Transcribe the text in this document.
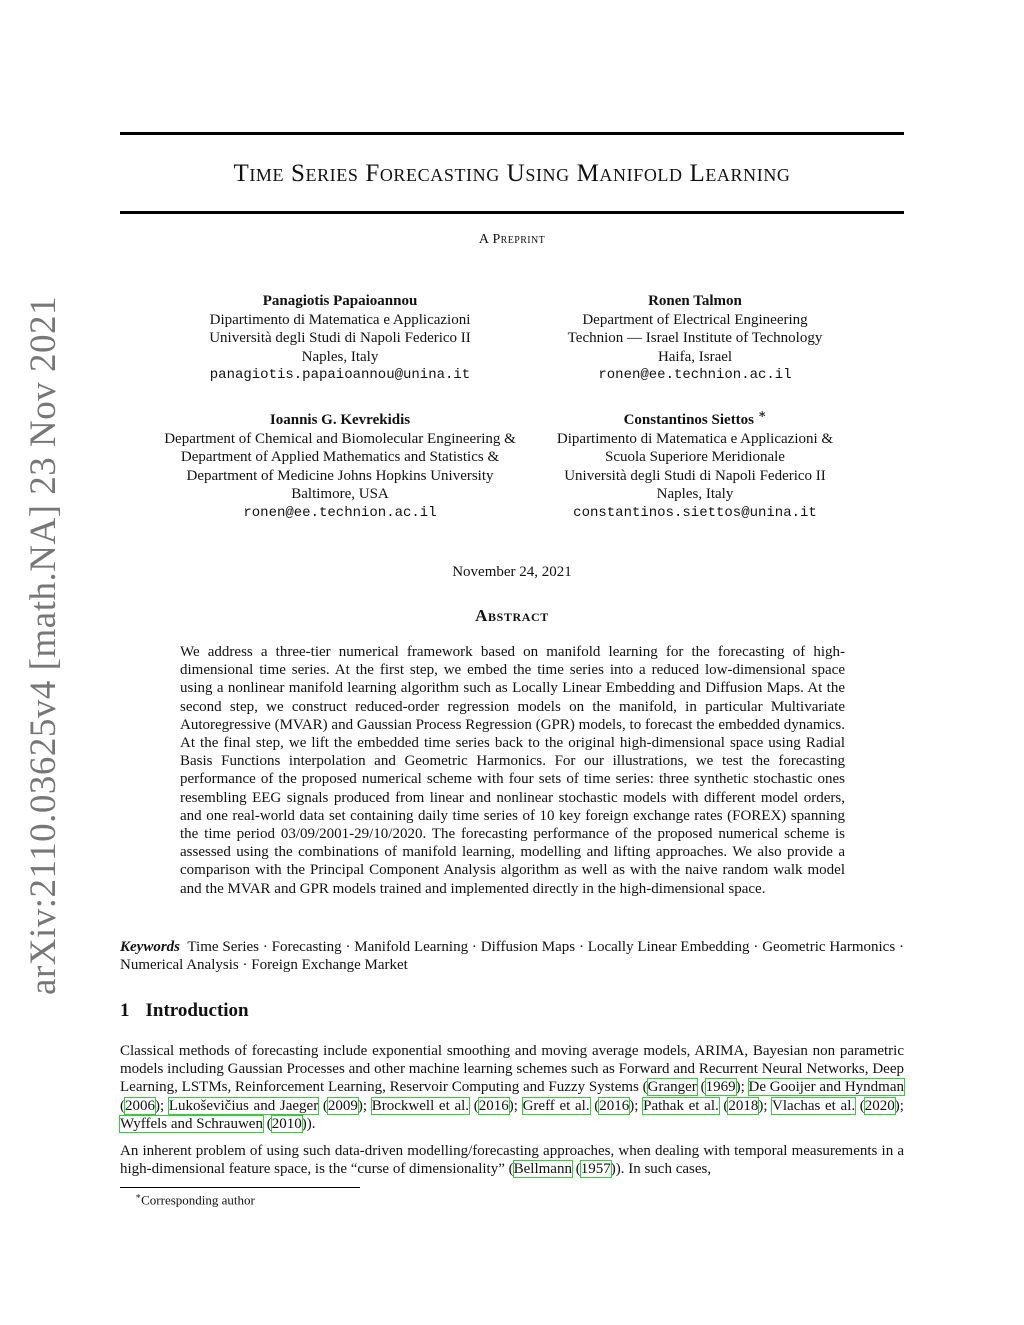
arXiv:2110.03625v4 [math.NA] 23 Nov 2021
Time Series Forecasting Using Manifold Learning
A Preprint
Panagiotis Papaioannou
Dipartimento di Matematica e Applicazioni
Università degli Studi di Napoli Federico II
Naples, Italy
panagiotis.papaioannou@unina.it
Ronen Talmon
Department of Electrical Engineering
Technion — Israel Institute of Technology
Haifa, Israel
ronen@ee.technion.ac.il
Ioannis G. Kevrekidis
Department of Chemical and Biomolecular Engineering &
Department of Applied Mathematics and Statistics &
Department of Medicine Johns Hopkins University
Baltimore, USA
ronen@ee.technion.ac.il
Constantinos Siettos ∗
Dipartimento di Matematica e Applicazioni &
Scuola Superiore Meridionale
Università degli Studi di Napoli Federico II
Naples, Italy
constantinos.siettos@unina.it
November 24, 2021
Abstract

We address a three-tier numerical framework based on manifold learning for the forecasting of high-dimensional time series. At the first step, we embed the time series into a reduced low-dimensional space using a nonlinear manifold learning algorithm such as Locally Linear Embedding and Diffusion Maps. At the second step, we construct reduced-order regression models on the manifold, in particular Multivariate Autoregressive (MVAR) and Gaussian Process Regression (GPR) models, to forecast the embedded dynamics. At the final step, we lift the embedded time series back to the original high-dimensional space using Radial Basis Functions interpolation and Geometric Harmonics. For our illustrations, we test the forecasting performance of the proposed numerical scheme with four sets of time series: three synthetic stochastic ones resembling EEG signals produced from linear and nonlinear stochastic models with different model orders, and one real-world data set containing daily time series of 10 key foreign exchange rates (FOREX) spanning the time period 03/09/2001-29/10/2020. The forecasting performance of the proposed numerical scheme is assessed using the combinations of manifold learning, modelling and lifting approaches. We also provide a comparison with the Principal Component Analysis algorithm as well as with the naive random walk model and the MVAR and GPR models trained and implemented directly in the high-dimensional space.

Keywords Time Series · Forecasting · Manifold Learning · Diffusion Maps · Locally Linear Embedding · Geometric Harmonics · Numerical Analysis · Foreign Exchange Market

1 Introduction

Classical methods of forecasting include exponential smoothing and moving average models, ARIMA, Bayesian non parametric models including Gaussian Processes and other machine learning schemes such as Forward and Recurrent Neural Networks, Deep Learning, LSTMs, Reinforcement Learning, Reservoir Computing and Fuzzy Systems (Granger (1969); De Gooijer and Hyndman (2006); Lukoševičius and Jaeger (2009); Brockwell et al. (2016); Greff et al. (2016); Pathak et al. (2018); Vlachas et al. (2020); Wyffels and Schrauwen (2010)).

An inherent problem of using such data-driven modelling/forecasting approaches, when dealing with temporal measurements in a high-dimensional feature space, is the “curse of dimensionality” (Bellmann (1957)). In such cases,

∗Corresponding author
